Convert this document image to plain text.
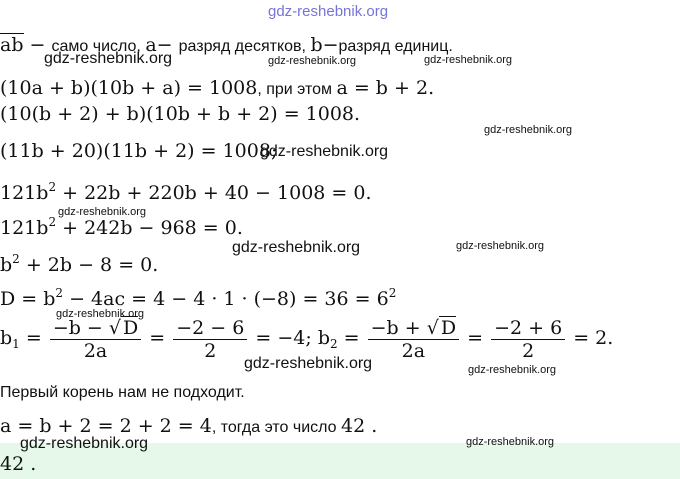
ab − само число, a− разряд десятков, b−разряд единиц.
(10a + b)(10b + a) = 1008, при этом a = b + 2.
(10(b + 2) + b)(10b + b + 2) = 1008.
(11b + 20)(11b + 2) = 1008;
$121b^2 + 22b + 220b + 40 - 1008 = 0$.
$121b^2 + 242b - 968 = 0$.
$b^2 + 2b - 8 = 0$.
$D = b^2 - 4ac = 4 - 4 \cdot 1 \cdot (-8) = 36 = 6^2$
$b_1 = \frac{-b - √ D}{2a} = \frac{-2 - 6}{2} = -4$; $b_2 = \frac{-b + √ D}{2a} = \frac{-2 + 6}{2} = 2$.
Первый корень нам не подходит.
a = b + 2 = 2 + 2 = 4, тогда это число 42 .
42 .
gdz-reshebnik.org
gdz-reshebnik.org	gdz-reshebnik.org	gdz-reshebnik.org
gdz-reshebnik.org
gdz-reshebnik.org
gdz-reshebnik.org
gdz-reshebnik.org	gdz-reshebnik.org
gdz-reshebnik.org
gdz-reshebnik.org	gdz-reshebnik.org
gdz-reshebnik.org	gdz-reshebnik.org
